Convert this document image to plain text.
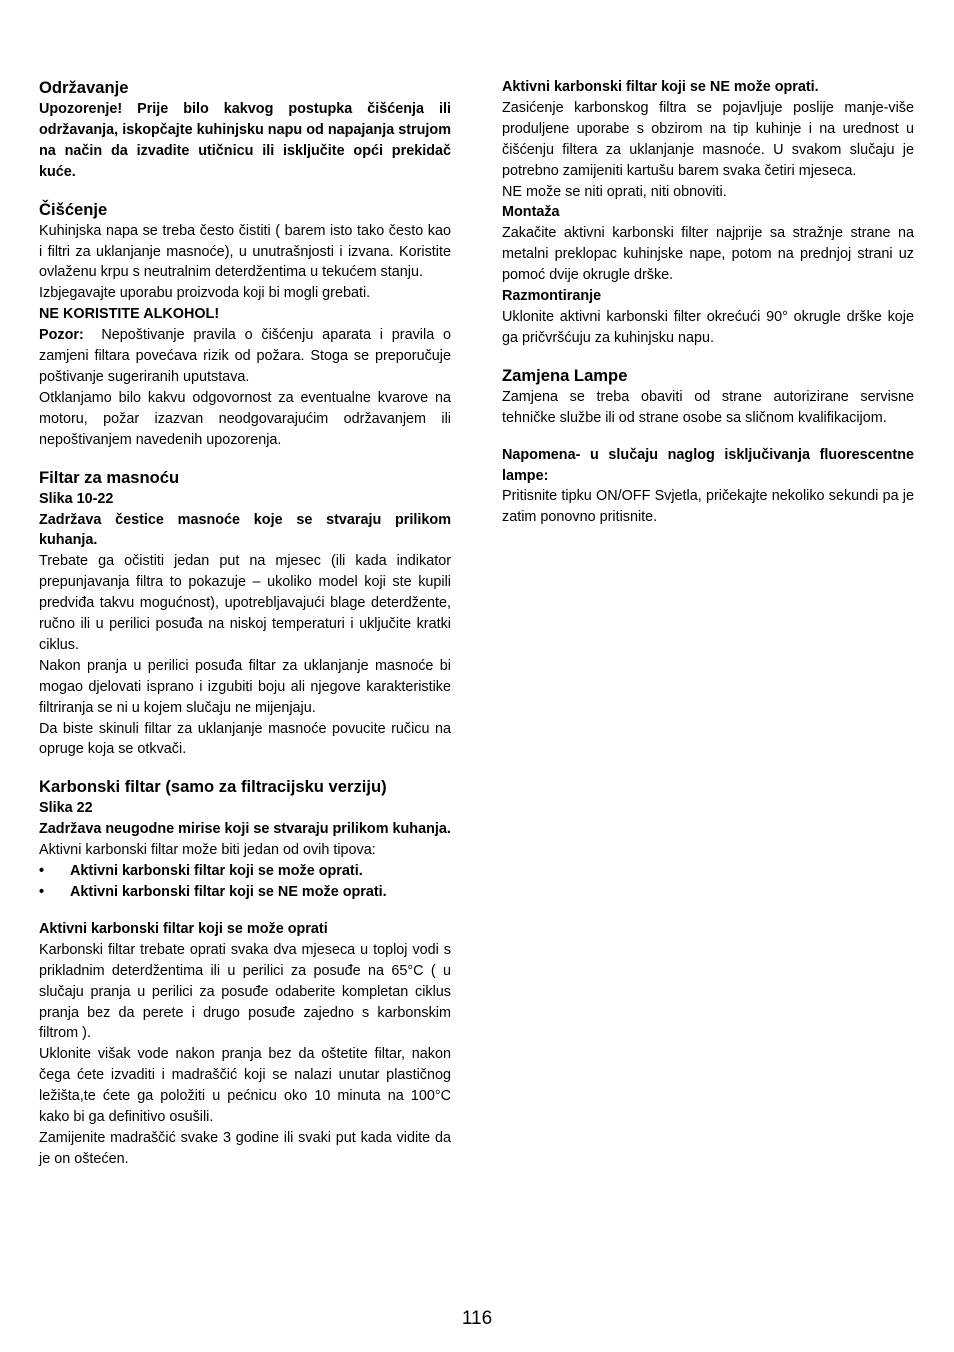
Održavanje

Upozorenje! Prije bilo kakvog postupka čišćenja ili održavanja, iskopčajte kuhinjsku napu od napajanja strujom na način da izvadite utičnicu ili isključite opći prekidač kuće.

Čišćenje

Kuhinjska napa se treba često čistiti ( barem isto tako često kao i filtri za uklanjanje masnoće), u unutrašnjosti i izvana. Koristite ovlaženu krpu s neutralnim deterdžentima u tekućem stanju.

Izbjegavajte uporabu proizvoda koji bi mogli grebati.

NE KORISTITE ALKOHOL!

Pozor: Nepoštivanje pravila o čišćenju aparata i pravila o zamjeni filtara povećava rizik od požara. Stoga se preporučuje poštivanje sugeriranih uputstava.

Otklanjamo bilo kakvu odgovornost za eventualne kvarove na motoru, požar izazvan neodgovarajućim održavanjem ili nepoštivanjem navedenih upozorenja.

Filtar za masnoću

Slika 10-22

Zadržava čestice masnoće koje se stvaraju prilikom kuhanja.

Trebate ga očistiti jedan put na mjesec (ili kada indikator prepunjavanja filtra to pokazuje – ukoliko model koji ste kupili predviđa takvu mogućnost), upotrebljavajući blage deterdžente, ručno ili u perilici posuđa na niskoj temperaturi i uključite kratki ciklus.

Nakon pranja u perilici posuđa filtar za uklanjanje masnoće bi mogao djelovati isprano i izgubiti boju ali njegove karakteristike filtriranja se ni u kojem slučaju ne mijenjaju.

Da biste skinuli filtar za uklanjanje masnoće povucite ručicu na opruge koja se otkvači.

Karbonski filtar (samo za filtracijsku verziju)

Slika 22

Zadržava neugodne mirise koji se stvaraju prilikom kuhanja.

Aktivni karbonski filtar može biti jedan od ovih tipova:

•	Aktivni karbonski filtar koji se može oprati.
•	Aktivni karbonski filtar koji se NE može oprati.

Aktivni karbonski filtar koji se može oprati

Karbonski filtar trebate oprati svaka dva mjeseca u toploj vodi s prikladnim deterdžentima ili u perilici za posuđe na 65°C ( u slučaju pranja u perilici za posuđe odaberite kompletan ciklus pranja bez da perete i drugo posuđe zajedno s karbonskim filtrom ).

Uklonite višak vode nakon pranja bez da oštetite filtar, nakon čega ćete izvaditi i madraščić koji se nalazi unutar plastičnog ležišta,te ćete ga položiti u pećnicu oko 10 minuta na 100°C kako bi ga definitivo osušili.

Zamijenite madraščić svake 3 godine ili svaki put kada vidite da je on oštećen.

Aktivni karbonski filtar koji se NE može oprati.

Zasićenje karbonskog filtra se pojavljuje poslije manje-više produljene uporabe s obzirom na tip kuhinje i na urednost u čišćenju filtera za uklanjanje masnoće. U svakom slučaju je potrebno zamijeniti kartušu barem svaka četiri mjeseca.

NE može se niti oprati, niti obnoviti.

Montaža

Zakačite aktivni karbonski filter najprije sa stražnje strane na metalni preklopac kuhinjske nape, potom na prednjoj strani uz pomoć dvije okrugle drške.

Razmontiranje

Uklonite aktivni karbonski filter okrećući 90° okrugle drške koje ga pričvršćuju za kuhinjsku napu.

Zamjena Lampe

Zamjena se treba obaviti od strane autorizirane servisne tehničke službe ili od strane osobe sa sličnom kvalifikacijom.

Napomena- u slučaju naglog isključivanja fluorescentne lampe:

Pritisnite tipku ON/OFF Svjetla, pričekajte nekoliko sekundi pa je zatim ponovno pritisnite.

116
